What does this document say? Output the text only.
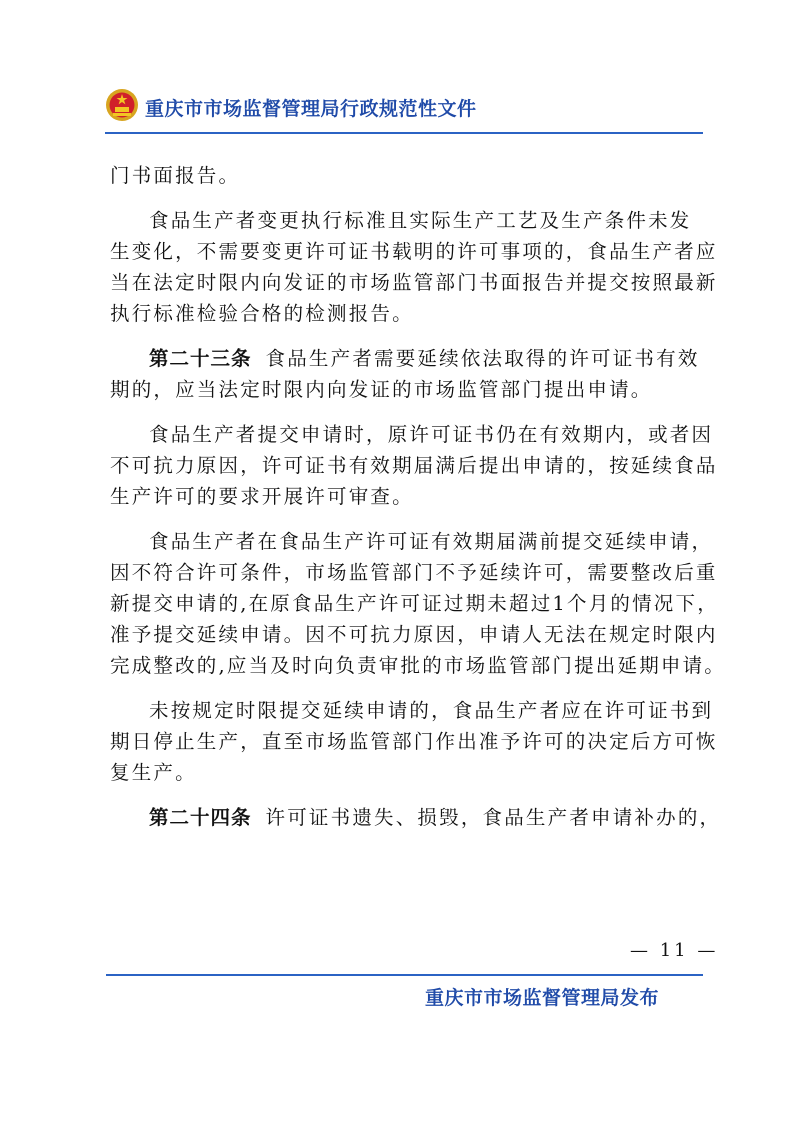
重庆市市场监督管理局行政规范性文件
门书面报告。
食品生产者变更执行标准且实际生产工艺及生产条件未发
生变化，不需要变更许可证书载明的许可事项的，食品生产者应
当在法定时限内向发证的市场监管部门书面报告并提交按照最新
执行标准检验合格的检测报告。
第二十三条 食品生产者需要延续依法取得的许可证书有效
期的，应当法定时限内向发证的市场监管部门提出申请。
食品生产者提交申请时，原许可证书仍在有效期内，或者因
不可抗力原因，许可证书有效期届满后提出申请的，按延续食品
生产许可的要求开展许可审查。
食品生产者在食品生产许可证有效期届满前提交延续申请，
因不符合许可条件，市场监管部门不予延续许可，需要整改后重
新提交申请的,在原食品生产许可证过期未超过1个月的情况下，
准予提交延续申请。因不可抗力原因，申请人无法在规定时限内
完成整改的,应当及时向负责审批的市场监管部门提出延期申请。
未按规定时限提交延续申请的，食品生产者应在许可证书到
期日停止生产，直至市场监管部门作出准予许可的决定后方可恢
复生产。
第二十四条 许可证书遗失、损毁，食品生产者申请补办的，
— 11 —
重庆市市场监督管理局发布
